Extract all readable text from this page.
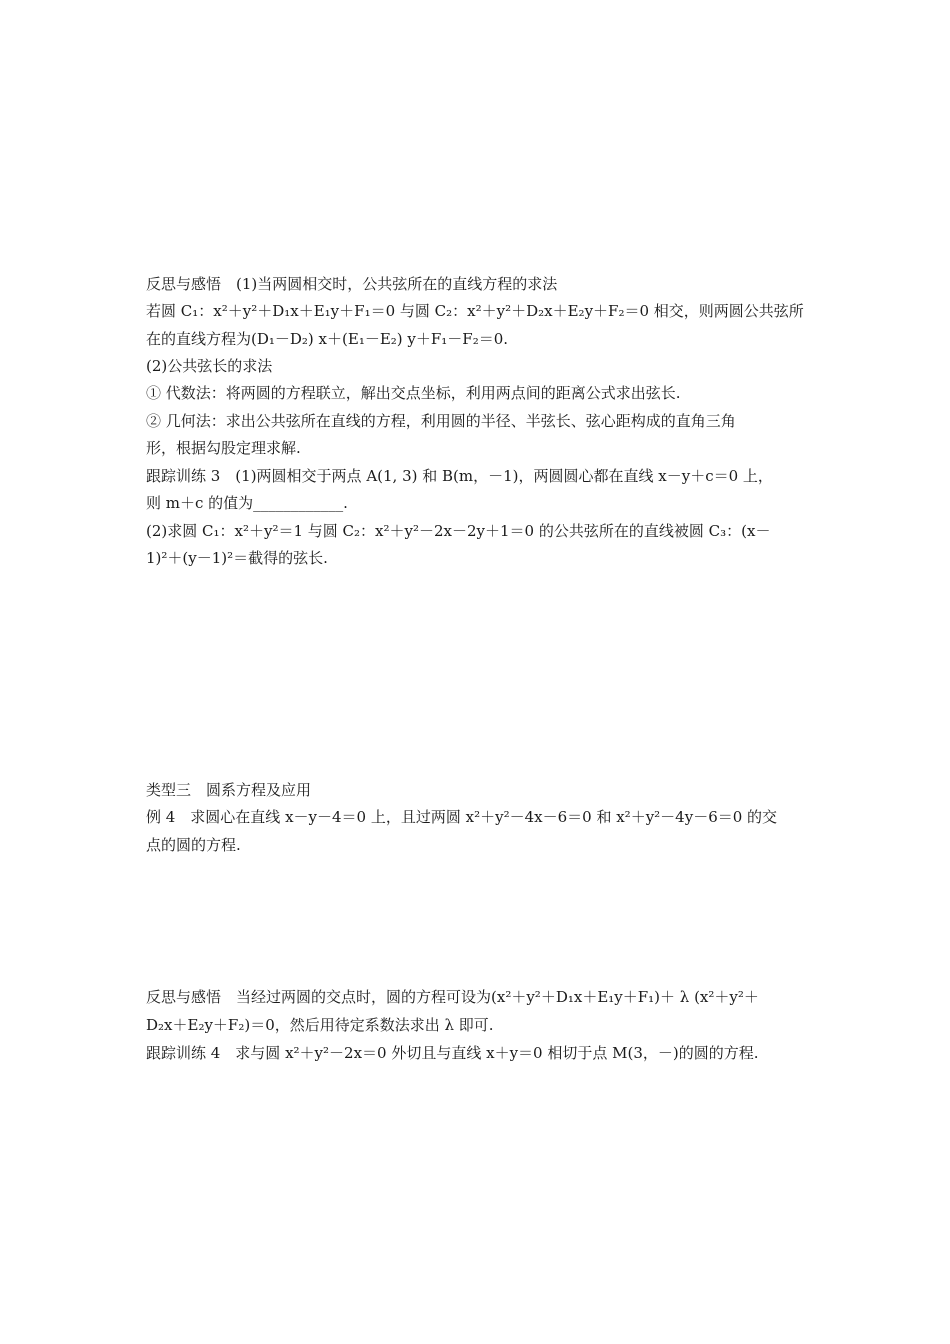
反思与感悟　(1)当两圆相交时，公共弦所在的直线方程的求法
若圆 C₁：x²＋y²＋D₁x＋E₁y＋F₁＝0 与圆 C₂：x²＋y²＋D₂x＋E₂y＋F₂＝0 相交，则两圆公共弦所
在的直线方程为(D₁－D₂) x＋(E₁－E₂) y＋F₁－F₂＝0.
(2)公共弦长的求法
① 代数法：将两圆的方程联立，解出交点坐标，利用两点间的距离公式求出弦长.
② 几何法：求出公共弦所在直线的方程，利用圆的半径、半弦长、弦心距构成的直角三角
形，根据勾股定理求解.
跟踪训练 3　(1)两圆相交于两点 A(1, 3) 和 B(m，－1)，两圆圆心都在直线 x－y＋c＝0 上，
则 m＋c 的值为____________.
(2)求圆 C₁：x²＋y²＝1 与圆 C₂：x²＋y²－2x－2y＋1＝0 的公共弦所在的直线被圆 C₃：(x－
1)²＋(y－1)²＝截得的弦长.
类型三　圆系方程及应用
例 4　求圆心在直线 x－y－4＝0 上，且过两圆 x²＋y²－4x－6＝0 和 x²＋y²－4y－6＝0 的交
点的圆的方程.
反思与感悟　当经过两圆的交点时，圆的方程可设为(x²＋y²＋D₁x＋E₁y＋F₁)＋ λ (x²＋y²＋
D₂x＋E₂y＋F₂)＝0，然后用待定系数法求出 λ 即可.
跟踪训练 4　求与圆 x²＋y²－2x＝0 外切且与直线 x＋y＝0 相切于点 M(3，－)的圆的方程.
